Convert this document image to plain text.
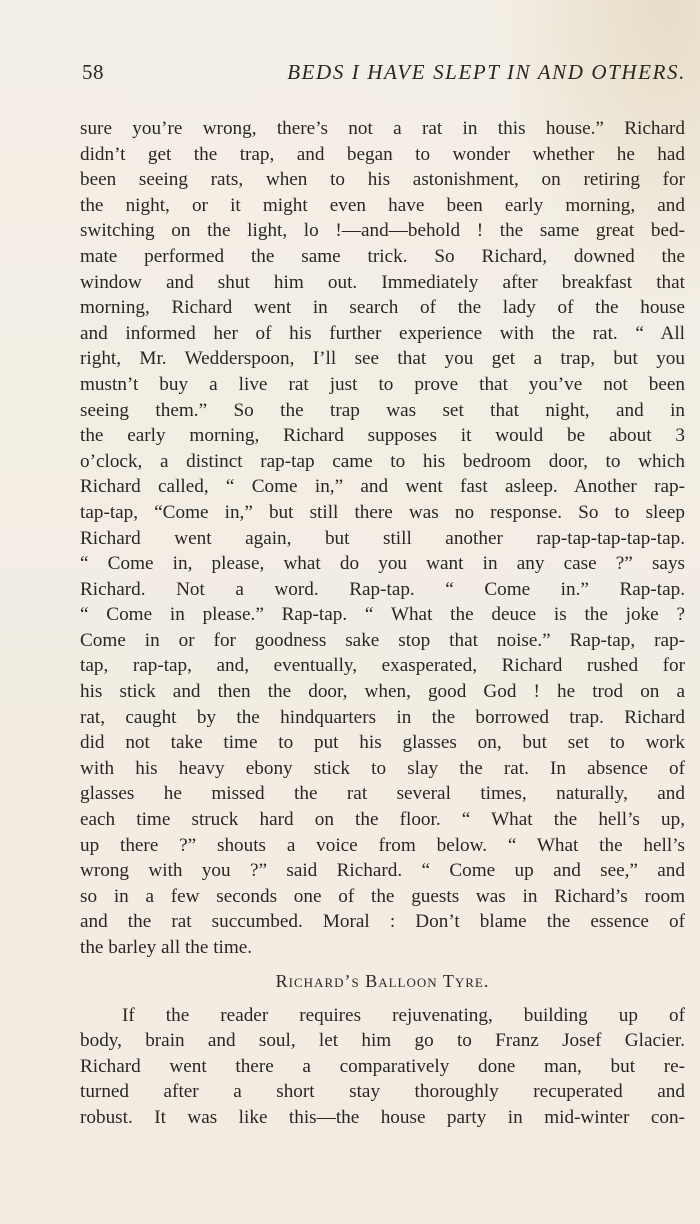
58	BEDS I HAVE SLEPT IN AND OTHERS.
sure you’re wrong, there’s not a rat in this house.” Richard
didn’t get the trap, and began to wonder whether he had
been seeing rats, when to his astonishment, on retiring for
the night, or it might even have been early morning, and
switching on the light, lo !—and—behold ! the same great bed-
mate performed the same trick. So Richard, downed the
window and shut him out. Immediately after breakfast that
morning, Richard went in search of the lady of the house
and informed her of his further experience with the rat. “ All
right, Mr. Wedderspoon, I’ll see that you get a trap, but you
mustn’t buy a live rat just to prove that you’ve not been
seeing them.” So the trap was set that night, and in
the early morning, Richard supposes it would be about 3
o’clock, a distinct rap-tap came to his bedroom door, to which
Richard called, “ Come in,” and went fast asleep. Another rap-
tap-tap, “Come in,” but still there was no response. So to sleep
Richard went again, but still another rap-tap-tap-tap-tap.
“ Come in, please, what do you want in any case ?” says
Richard. Not a word. Rap-tap. “ Come in.” Rap-tap.
“ Come in please.” Rap-tap. “ What the deuce is the joke ?
Come in or for goodness sake stop that noise.” Rap-tap, rap-
tap, rap-tap, and, eventually, exasperated, Richard rushed for
his stick and then the door, when, good God ! he trod on a
rat, caught by the hindquarters in the borrowed trap. Richard
did not take time to put his glasses on, but set to work
with his heavy ebony stick to slay the rat. In absence of
glasses he missed the rat several times, naturally, and
each time struck hard on the floor. “ What the hell’s up,
up there ?” shouts a voice from below. “ What the hell’s
wrong with you ?” said Richard. “ Come up and see,” and
so in a few seconds one of the guests was in Richard’s room
and the rat succumbed. Moral : Don’t blame the essence of
the barley all the time.
Richard’s Balloon Tyre.
If the reader requires rejuvenating, building up of
body, brain and soul, let him go to Franz Josef Glacier.
Richard went there a comparatively done man, but re-
turned after a short stay thoroughly recuperated and
robust. It was like this—the house party in mid-winter con-
